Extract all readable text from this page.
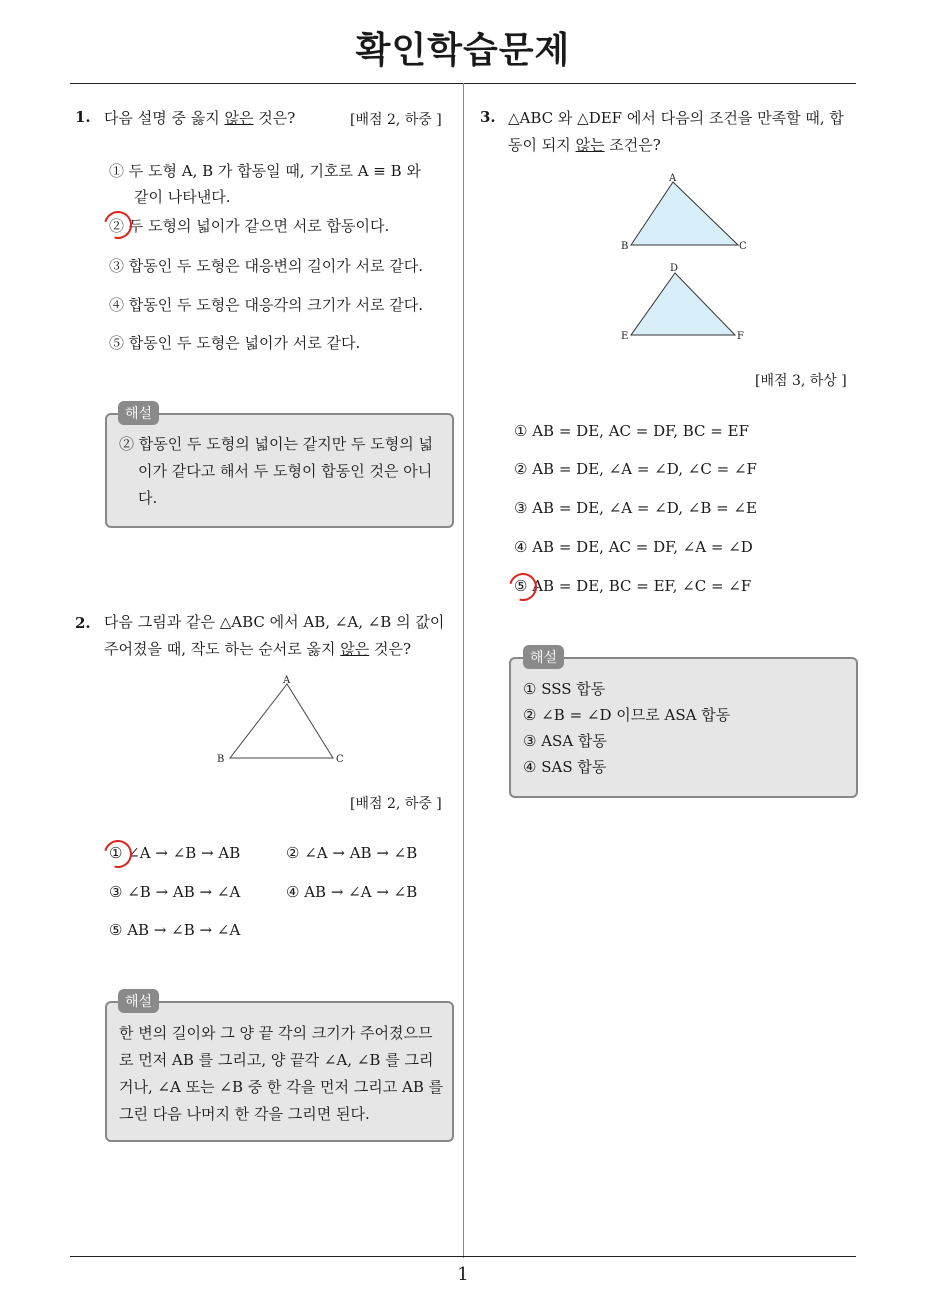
확인학습문제
1. 다음 설명 중 옳지 않은 것은?	[배점 2, 하중 ]
① 두 도형 A, B 가 합동일 때, 기호로 A ≡ B 와
같이 나타낸다.
② 두 도형의 넓이가 같으면 서로 합동이다.
③ 합동인 두 도형은 대응변의 길이가 서로 같다.
④ 합동인 두 도형은 대응각의 크기가 서로 같다.
⑤ 합동인 두 도형은 넓이가 서로 같다.
② 합동인 두 도형의 넓이는 같지만 두 도형의 넓
이가 같다고 해서 두 도형이 합동인 것은 아니
다.
해설
2. 다음 그림과 같은 △ABC 에서 AB, ∠A, ∠B 의 값이
주어졌을 때, 작도 하는 순서로 옳지 않은 것은?
A
B	C
[배점 2, 하중 ]
① ∠A → ∠B → AB	② ∠A → AB → ∠B
③ ∠B → AB → ∠A	④ AB → ∠A → ∠B
⑤ AB → ∠B → ∠A
한 변의 길이와 그 양 끝 각의 크기가 주어졌으므
로 먼저 AB 를 그리고, 양 끝각 ∠A, ∠B 를 그리
거나, ∠A 또는 ∠B 중 한 각을 먼저 그리고 AB 를
그린 다음 나머지 한 각을 그리면 된다.
해설
3. △ABC 와 △DEF 에서 다음의 조건을 만족할 때, 합
동이 되지 않는 조건은?
A
B	C
D
E	F
[배점 3, 하상 ]
① AB = DE, AC = DF, BC = EF
② AB = DE, ∠A = ∠D, ∠C = ∠F
③ AB = DE, ∠A = ∠D, ∠B = ∠E
④ AB = DE, AC = DF, ∠A = ∠D
⑤ AB = DE, BC = EF, ∠C = ∠F
① SSS 합동
② ∠B = ∠D 이므로 ASA 합동
③ ASA 합동
④ SAS 합동
해설
1
